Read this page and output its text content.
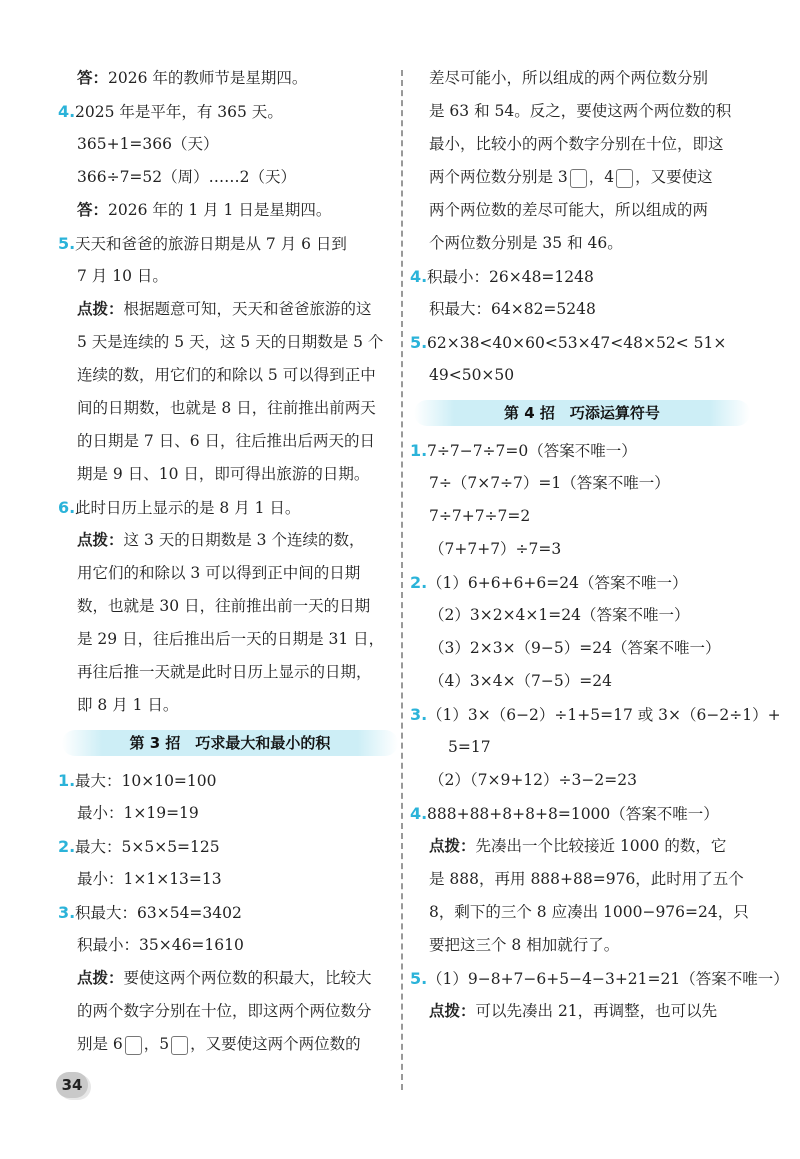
答：2026 年的教师节是星期四。
4.2025 年是平年，有 365 天。
365+1=366（天）
366÷7=52（周）……2（天）
答：2026 年的 1 月 1 日是星期四。
5.天天和爸爸的旅游日期是从 7 月 6 日到
7 月 10 日。
点拨：根据题意可知，天天和爸爸旅游的这
5 天是连续的 5 天，这 5 天的日期数是 5 个
连续的数，用它们的和除以 5 可以得到正中
间的日期数，也就是 8 日，往前推出前两天
的日期是 7 日、6 日，往后推出后两天的日
期是 9 日、10 日，即可得出旅游的日期。
6.此时日历上显示的是 8 月 1 日。
点拨：这 3 天的日期数是 3 个连续的数，
用它们的和除以 3 可以得到正中间的日期
数，也就是 30 日，往前推出前一天的日期
是 29 日，往后推出后一天的日期是 31 日，
再往后推一天就是此时日历上显示的日期，
即 8 月 1 日。
第 3 招　巧求最大和最小的积
1.最大：10×10=100
最小：1×19=19
2.最大：5×5×5=125
最小：1×1×13=13
3.积最大：63×54=3402
积最小：35×46=1610
点拨：要使这两个两位数的积最大，比较大
的两个数字分别在十位，即这两个两位数分
别是 6 ，5 ，又要使这两个两位数的
差尽可能小，所以组成的两个两位数分别
是 63 和 54。反之，要使这两个两位数的积
最小，比较小的两个数字分别在十位，即这
两个两位数分别是 3 ，4 ，又要使这
两个两位数的差尽可能大，所以组成的两
个两位数分别是 35 和 46。
4.积最小：26×48=1248
积最大：64×82=5248
5.62×38<40×60<53×47<48×52< 51×
49<50×50
第 4 招　巧添运算符号
1.7÷7−7÷7=0（答案不唯一）
7÷（7×7÷7）=1（答案不唯一）
7÷7+7÷7=2
（7+7+7）÷7=3
2.（1）6+6+6+6=24（答案不唯一）
（2）3×2×4×1=24（答案不唯一）
（3）2×3×（9−5）=24（答案不唯一）
（4）3×4×（7−5）=24
3.（1）3×（6−2）÷1+5=17 或 3×（6−2÷1）+
5=17
（2）（7×9+12）÷3−2=23
4.888+88+8+8+8=1000（答案不唯一）
点拨：先凑出一个比较接近 1000 的数，它
是 888，再用 888+88=976，此时用了五个
8，剩下的三个 8 应凑出 1000−976=24，只
要把这三个 8 相加就行了。
5.（1）9−8+7−6+5−4−3+21=21（答案不唯一）
点拨：可以先凑出 21，再调整，也可以先
34
